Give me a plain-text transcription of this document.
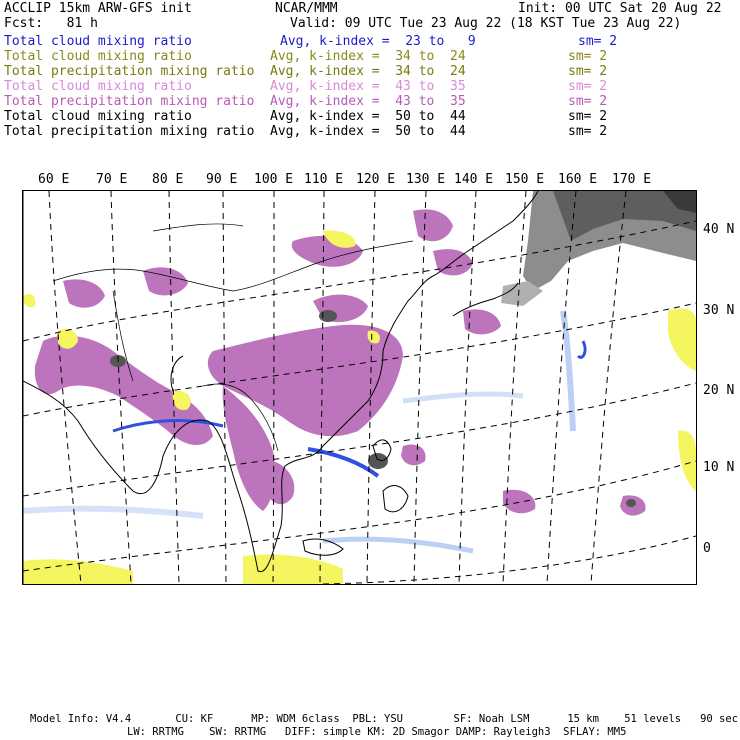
ACCLIP 15km ARW-GFS init	NCAR/MMM	Init: 00 UTC Sat 20 Aug 22
Fcst:   81 h	Valid: 09 UTC Tue 23 Aug 22 (18 KST Tue 23 Aug 22)
Total cloud mixing ratio	Avg, k-index =  23 to   9	sm= 2
Total cloud mixing ratio	Avg, k-index =  34 to  24	sm= 2
Total precipitation mixing ratio Avg, k-index =  34 to  24	sm= 2
Total cloud mixing ratio	Avg, k-index =  43 to  35	sm= 2
Total precipitation mixing ratio Avg, k-index =  43 to  35	sm= 2
Total cloud mixing ratio	Avg, k-index =  50 to  44	sm= 2
Total precipitation mixing ratio Avg, k-index =  50 to  44	sm= 2
60 E 70 E 80 E 90 E 100 E 110 E 120 E 130 E 140 E 150 E 160 E 170 E
40 N
30 N
20 N
10 N
0
Model Info: V4.4       CU: KF      MP: WDM 6class  PBL: YSU        SF: Noah LSM      15 km    51 levels   90 sec
LW: RRTMG    SW: RRTMG   DIFF: simple KM: 2D Smagor DAMP: Rayleigh3  SFLAY: MM5
